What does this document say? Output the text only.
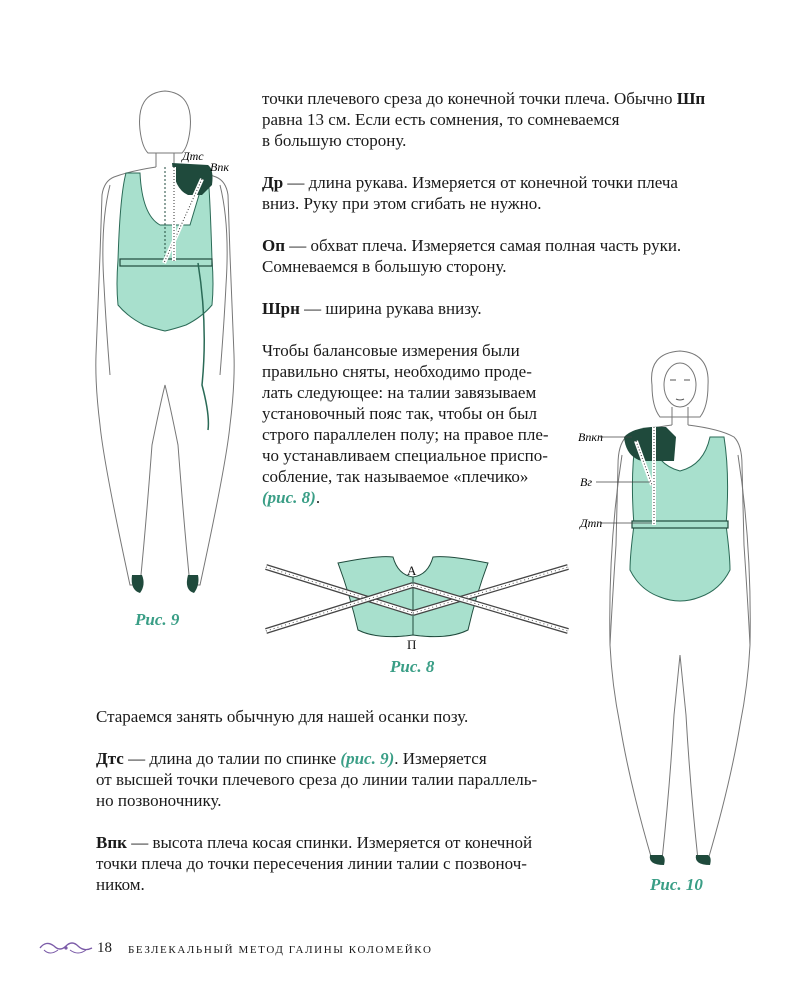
точки плечевого среза до конечной точки плеча. Обычно Шп
равна 13 см. Если есть сомнения, то сомневаемся
в большую сторону.

Др — длина рукава. Измеряется от конечной точки плеча
вниз. Руку при этом сгибать не нужно.

Оп — обхват плеча. Измеряется самая полная часть руки.
Сомневаемся в большую сторону.

Шрн — ширина рукава внизу.

Чтобы балансовые измерения были
правильно сняты, необходимо проде-
лать следующее: на талии завязываем
установочный пояс так, чтобы он был
строго параллелен полу; на правое пле-
чо устанавливаем специальное приспо-
собление, так называемое «плечико»
(рис. 8).

Дтс
Впк
Рис. 9
А
П
Рис. 8
Впкп
Вг
Дтп
Рис. 10

Стараемся занять обычную для нашей осанки позу.

Дтс — длина до талии по спинке (рис. 9). Измеряется
от высшей точки плечевого среза до линии талии параллель-
но позвоночнику.

Впк — высота плеча косая спинки. Измеряется от конечной
точки плеча до точки пересечения линии талии с позвоноч-
ником.

18 БЕЗЛЕКАЛЬНЫЙ МЕТОД ГАЛИНЫ КОЛОМЕЙКО
